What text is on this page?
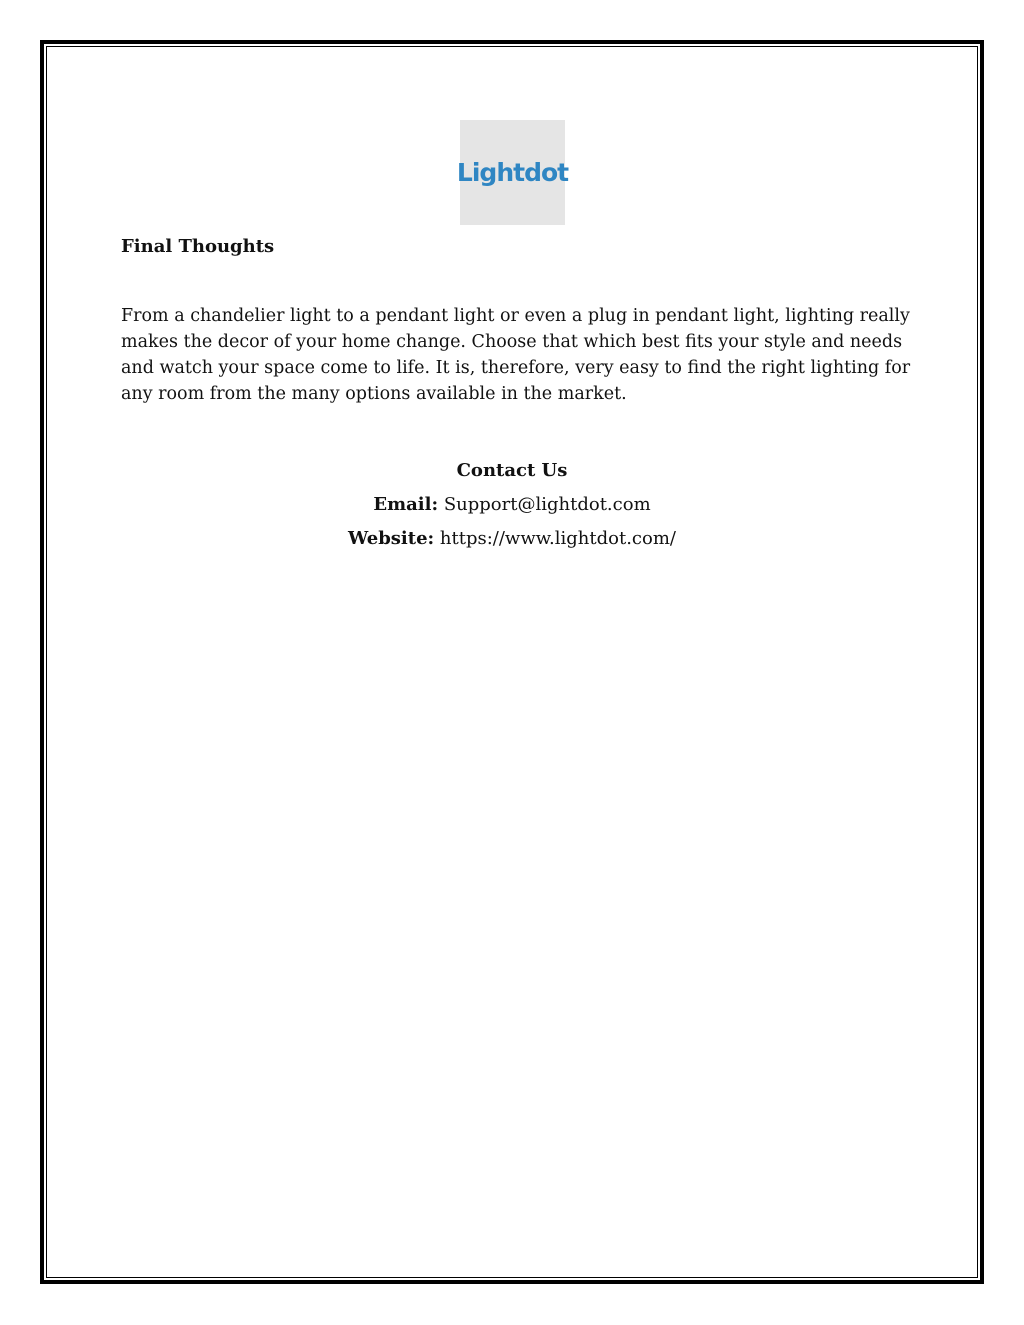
Lightdot
Final Thoughts

From a chandelier light to a pendant light or even a plug in pendant light, lighting really makes the decor of your home change. Choose that which best fits your style and needs and watch your space come to life. It is, therefore, very easy to find the right lighting for any room from the many options available in the market.

Contact Us
Email: Support@lightdot.com
Website: https://www.lightdot.com/
